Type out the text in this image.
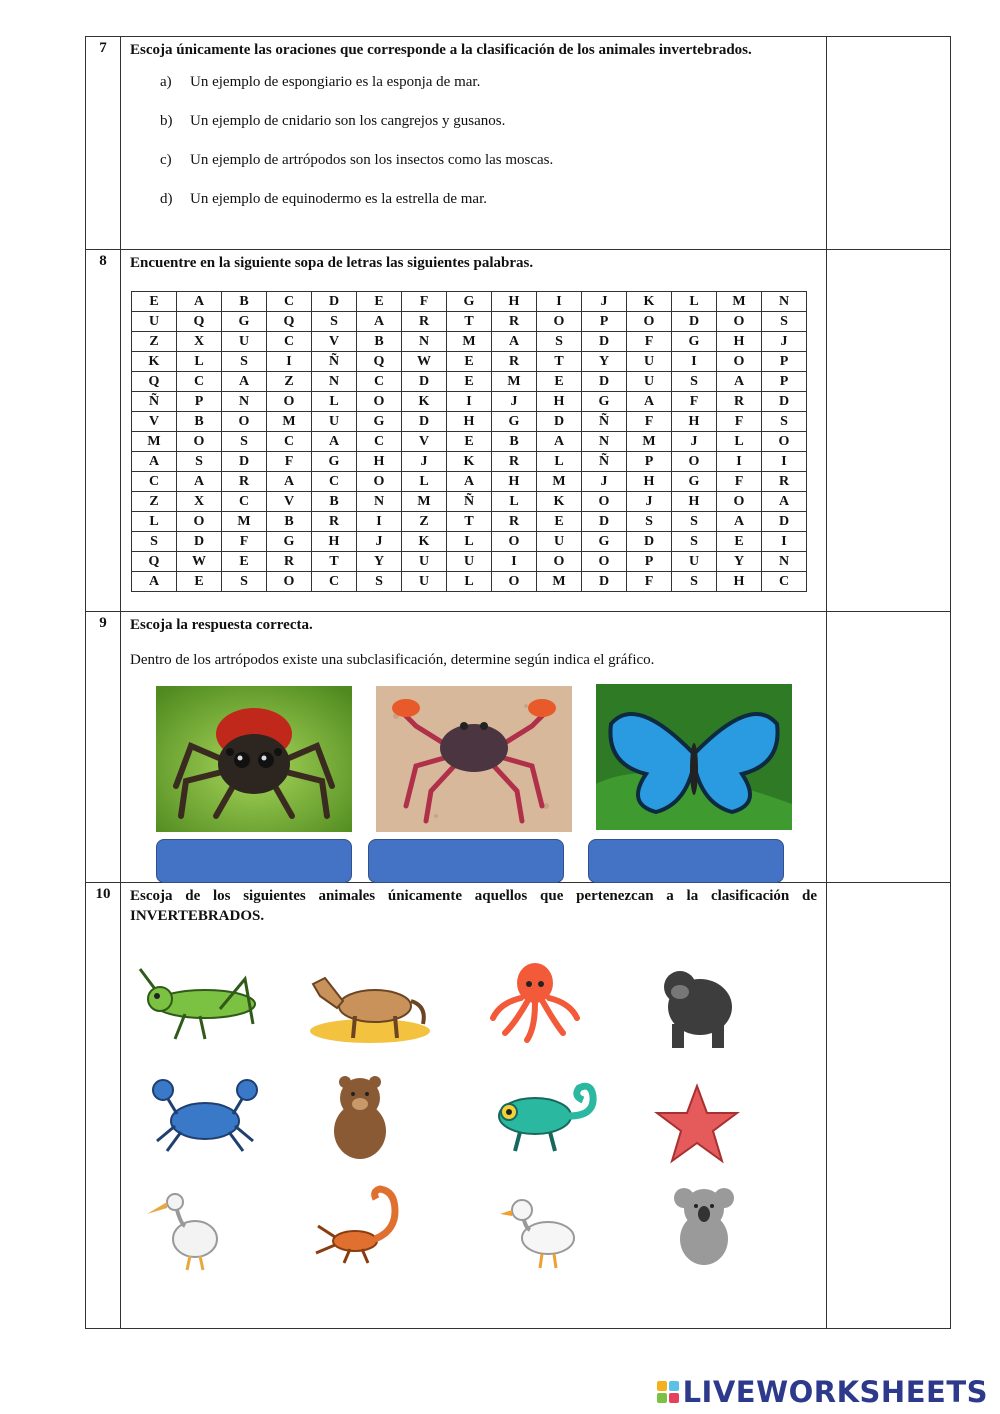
7	Escoja únicamente las oraciones que corresponde a la clasificación de los animales invertebrados.
a)	Un ejemplo de espongiario es la esponja de mar.
b)	Un ejemplo de cnidario son los cangrejos y gusanos.
c)	Un ejemplo de artrópodos son los insectos como las moscas.
d)	Un ejemplo de equinodermo es la estrella de mar.

8	Encuentre en la siguiente sopa de letras las siguientes palabras.
E	A	B	C	D	E	F	G	H	I	J	K	L	M	N
U	Q	G	Q	S	A	R	T	R	O	P	O	D	O	S
Z	X	U	C	V	B	N	M	A	S	D	F	G	H	J
K	L	S	I	Ñ	Q	W	E	R	T	Y	U	I	O	P
Q	C	A	Z	N	C	D	E	M	E	D	U	S	A	P
Ñ	P	N	O	L	O	K	I	J	H	G	A	F	R	D
V	B	O	M	U	G	D	H	G	D	Ñ	F	H	F	S
M	O	S	C	A	C	V	E	B	A	N	M	J	L	O
A	S	D	F	G	H	J	K	R	L	Ñ	P	O	I	I
C	A	R	A	C	O	L	A	H	M	J	H	G	F	R
Z	X	C	V	B	N	M	Ñ	L	K	O	J	H	O	A
L	O	M	B	R	I	Z	T	R	E	D	S	S	A	D
S	D	F	G	H	J	K	L	O	U	G	D	S	E	I
Q	W	E	R	T	Y	U	U	I	O	O	P	U	Y	N
A	E	S	O	C	S	U	L	O	M	D	F	S	H	C

9	Escoja la respuesta correcta.
Dentro de los artrópodos existe una subclasificación, determine según indica el gráfico.

10	Escoja de los siguientes animales únicamente aquellos que pertenezcan a la clasificación de INVERTEBRADOS.

LIVEWORKSHEETS
